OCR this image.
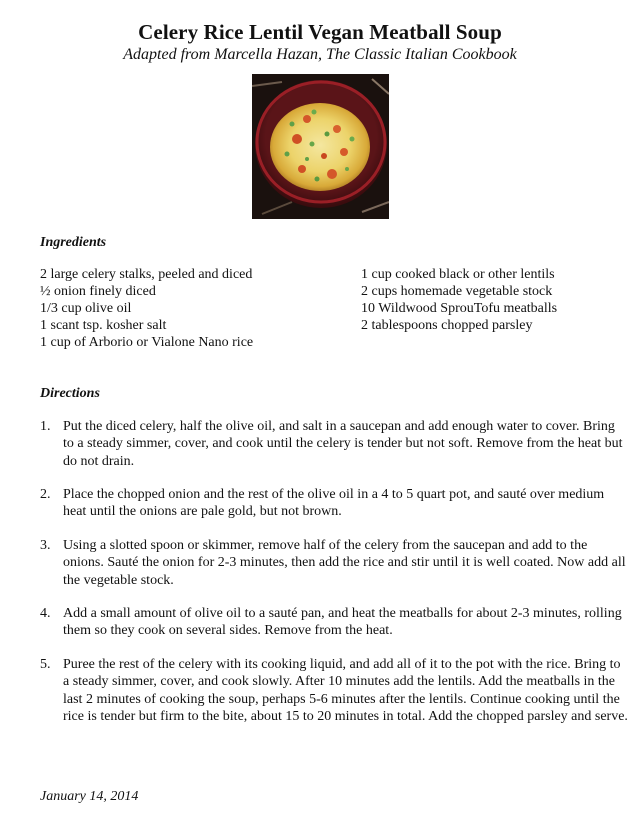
Celery Rice Lentil Vegan Meatball Soup
Adapted from Marcella Hazan, The Classic Italian Cookbook
Ingredients
2 large celery stalks, peeled and diced
½ onion finely diced
1/3 cup olive oil
1 scant tsp. kosher salt
1 cup of Arborio or Vialone Nano rice
1 cup cooked black or other lentils
2 cups homemade vegetable stock
10 Wildwood SprouTofu meatballs
2 tablespoons chopped parsley
Directions
1. Put the diced celery, half the olive oil, and salt in a saucepan and add enough water to cover. Bring to a steady simmer, cover, and cook until the celery is tender but not soft. Remove from the heat but do not drain.
2. Place the chopped onion and the rest of the olive oil in a 4 to 5 quart pot, and sauté over medium heat until the onions are pale gold, but not brown.
3. Using a slotted spoon or skimmer, remove half of the celery from the saucepan and add to the onions. Sauté the onion for 2-3 minutes, then add the rice and stir until it is well coated. Now add all the vegetable stock.
4. Add a small amount of olive oil to a sauté pan, and heat the meatballs for about 2-3 minutes, rolling them so they cook on several sides. Remove from the heat.
5. Puree the rest of the celery with its cooking liquid, and add all of it to the pot with the rice. Bring to a steady simmer, cover, and cook slowly. After 10 minutes add the lentils. Add the meatballs in the last 2 minutes of cooking the soup, perhaps 5-6 minutes after the lentils. Continue cooking until the rice is tender but firm to the bite, about 15 to 20 minutes in total. Add the chopped parsley and serve.
January 14, 2014
